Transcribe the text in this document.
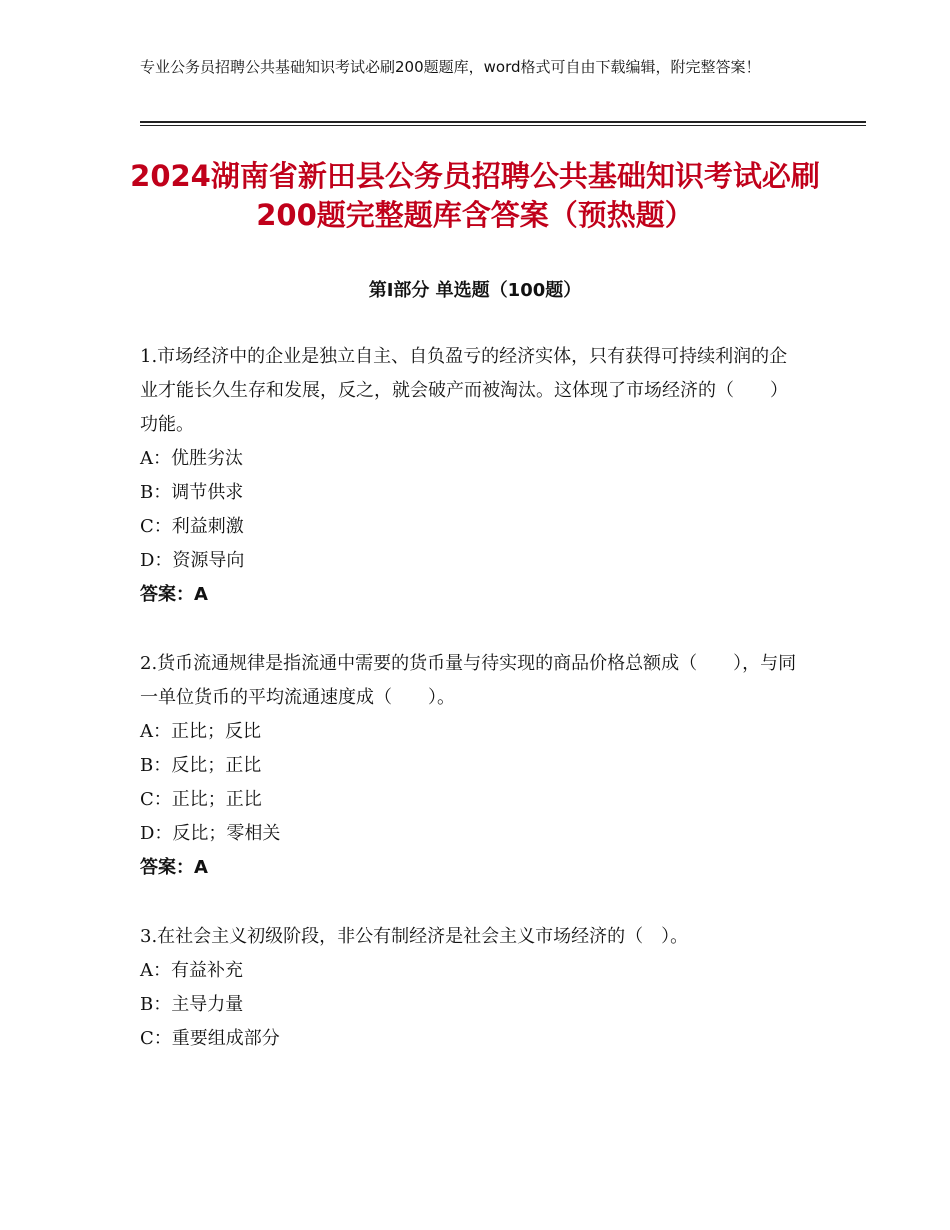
专业公务员招聘公共基础知识考试必刷200题题库，word格式可自由下载编辑，附完整答案！
2024湖南省新田县公务员招聘公共基础知识考试必刷200题完整题库含答案（预热题）
第Ⅰ部分 单选题（100题）

1.市场经济中的企业是独立自主、自负盈亏的经济实体，只有获得可持续利润的企业才能长久生存和发展，反之，就会破产而被淘汰。这体现了市场经济的（　　）功能。

A：优胜劣汰

B：调节供求

C：利益刺激

D：资源导向

答案：A

2.货币流通规律是指流通中需要的货币量与待实现的商品价格总额成（　　），与同一单位货币的平均流通速度成（　　）。

A：正比；反比

B：反比；正比

C：正比；正比

D：反比；零相关

答案：A

3.在社会主义初级阶段，非公有制经济是社会主义市场经济的（　）。

A：有益补充

B：主导力量

C：重要组成部分
